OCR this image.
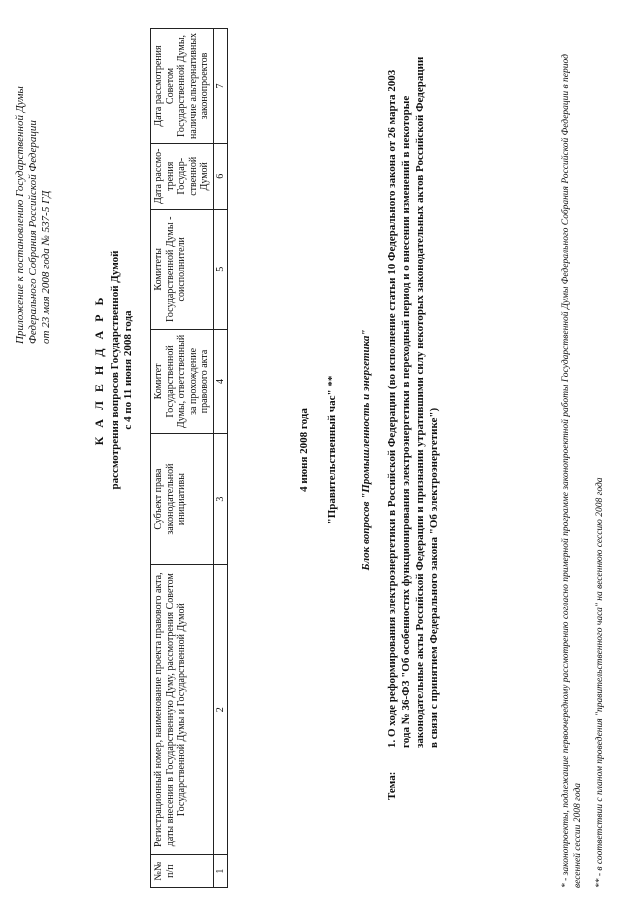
Приложение к постановлению Государственной Думы Федерального Собрания Российской Федерации от 23 мая 2008 года № 537-5 ГД
К А Л Е Н Д А Р Ь рассмотрения вопросов Государственной Думой с 4 по 11 июня 2008 года
№№ п/п	Регистрационный номер, наименование проекта правового акта, даты внесения в Государственную Думу, рассмотрения Советом Государственной Думы и Государственной Думой	Субъект права законодательной инициативы	Комитет Государственной Думы, ответственный за прохождение правового акта	Комитеты Государственной Думы - соисполнители	Дата рассмо-трения Государ-ственной Думой	Дата рассмотрения Советом Государственной Думы, наличие альтернативных законопроектов
1	2	3	4	5	6	7
4 июня 2008 года "Правительственный час" ** Блок вопросов "Промышленность и энергетика"
Тема:
1. О ходе реформирования электроэнергетики в Российской Федерации (во исполнение статьи 10 Федерального закона от 26 марта 2003 года № 36-ФЗ "Об особенностях функционирования электроэнергетики в переходный период и о внесении изменений в некоторые законодательные акты Российской Федерации и признании утратившими силу некоторых законодательных актов Российской Федерации в связи с принятием Федерального закона "Об электроэнергетике")	* - законопроекты, подлежащие первоочередному рассмотрению согласно примерной программе законопроектной работы Государственной Думы Федерального Собрания Российской Федерации в период весенней сессии 2008 года ** - в соответствии с планом проведения "правительственного часа" на весеннюю сессию 2008 года
